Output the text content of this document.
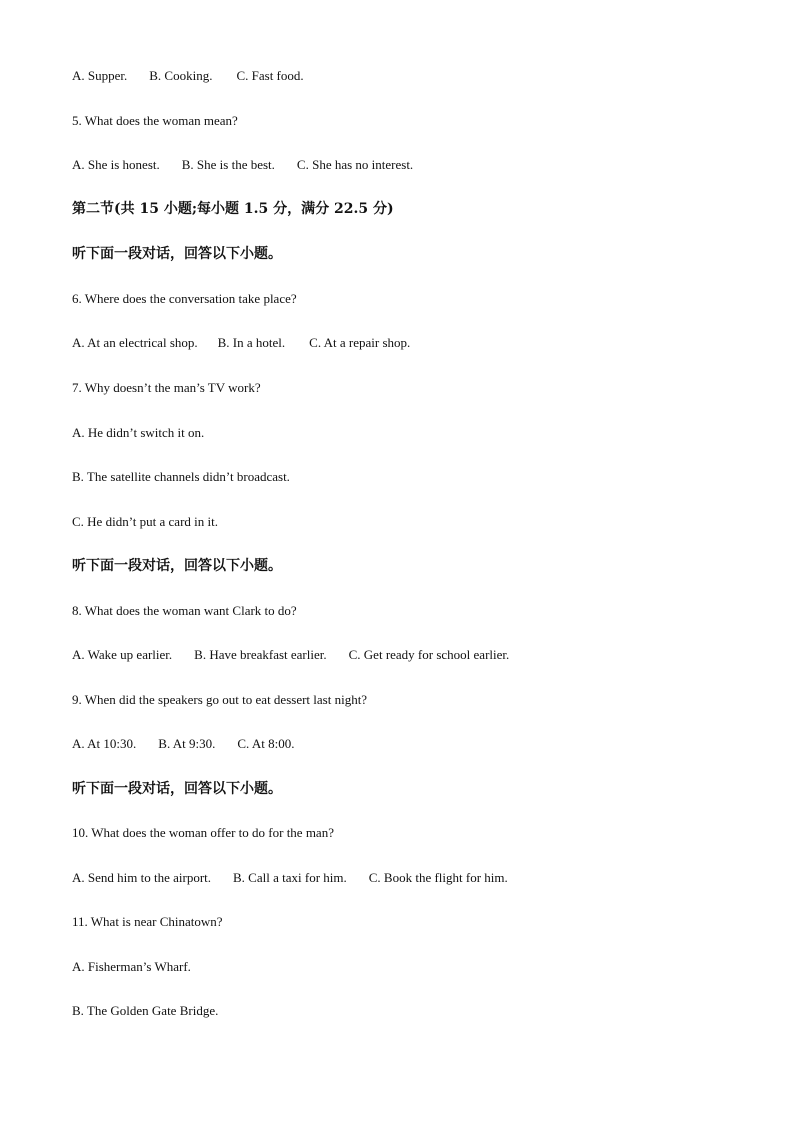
A. Supper. B. Cooking. C. Fast food.
5. What does the woman mean?
A. She is honest. B. She is the best. C. She has no interest.
第二节(共 15 小题;每小题 1.5 分，满分 22.5 分)
听下面一段对话，回答以下小题。
6. Where does the conversation take place?
A. At an electrical shop. B. In a hotel. C. At a repair shop.
7. Why doesn’t the man’s TV work?
A. He didn’t switch it on.
B. The satellite channels didn’t broadcast.
C. He didn’t put a card in it.
听下面一段对话，回答以下小题。
8. What does the woman want Clark to do?
A. Wake up earlier. B. Have breakfast earlier. C. Get ready for school earlier.
9. When did the speakers go out to eat dessert last night?
A. At 10:30. B. At 9:30. C. At 8:00.
听下面一段对话，回答以下小题。
10. What does the woman offer to do for the man?
A. Send him to the airport. B. Call a taxi for him. C. Book the flight for him.
11. What is near Chinatown?
A. Fisherman’s Wharf.
B. The Golden Gate Bridge.
